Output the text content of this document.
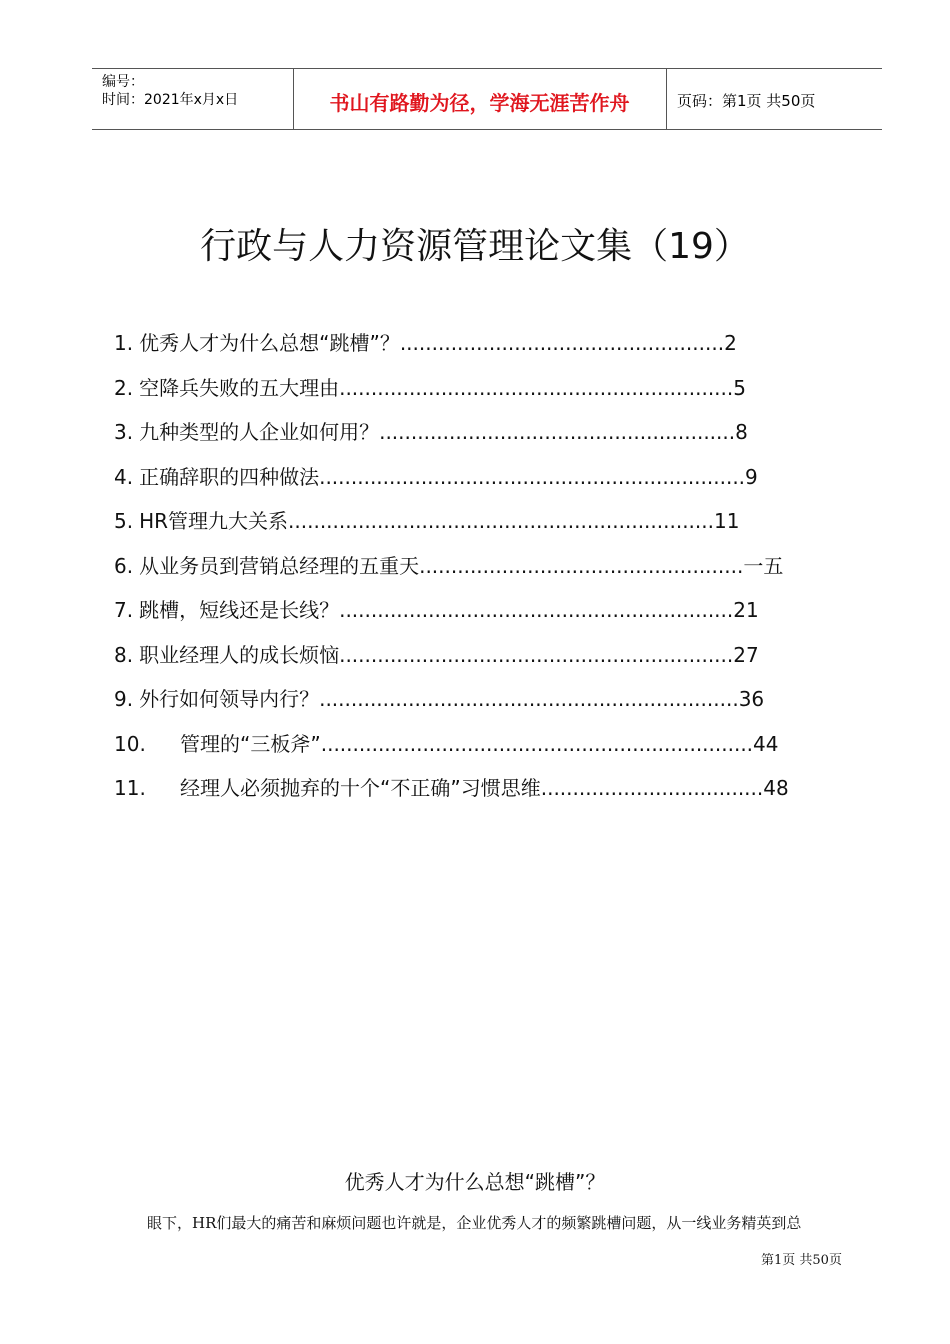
编号：
时间：2021年x月x日	书山有路勤为径，学海无涯苦作舟	页码：第1页 共50页
行政与人力资源管理论文集（19）
1. 优秀人才为什么总想“跳槽”？...................................................2
2. 空降兵失败的五大理由..............................................................5
3. 九种类型的人企业如何用？........................................................8
4. 正确辞职的四种做法...................................................................9
5. HR管理九大关系...................................................................11
6. 从业务员到营销总经理的五重天...................................................一五
7. 跳槽，短线还是长线？..............................................................21
8. 职业经理人的成长烦恼..............................................................27
9. 外行如何领导内行？..................................................................36
10. 管理的“三板斧”....................................................................44
11. 经理人必须抛弃的十个“不正确”习惯思维...................................48
优秀人才为什么总想“跳槽”？
眼下，HR们最大的痛苦和麻烦问题也许就是，企业优秀人才的频繁跳槽问题，从一线业务精英到总
第1页 共50页
